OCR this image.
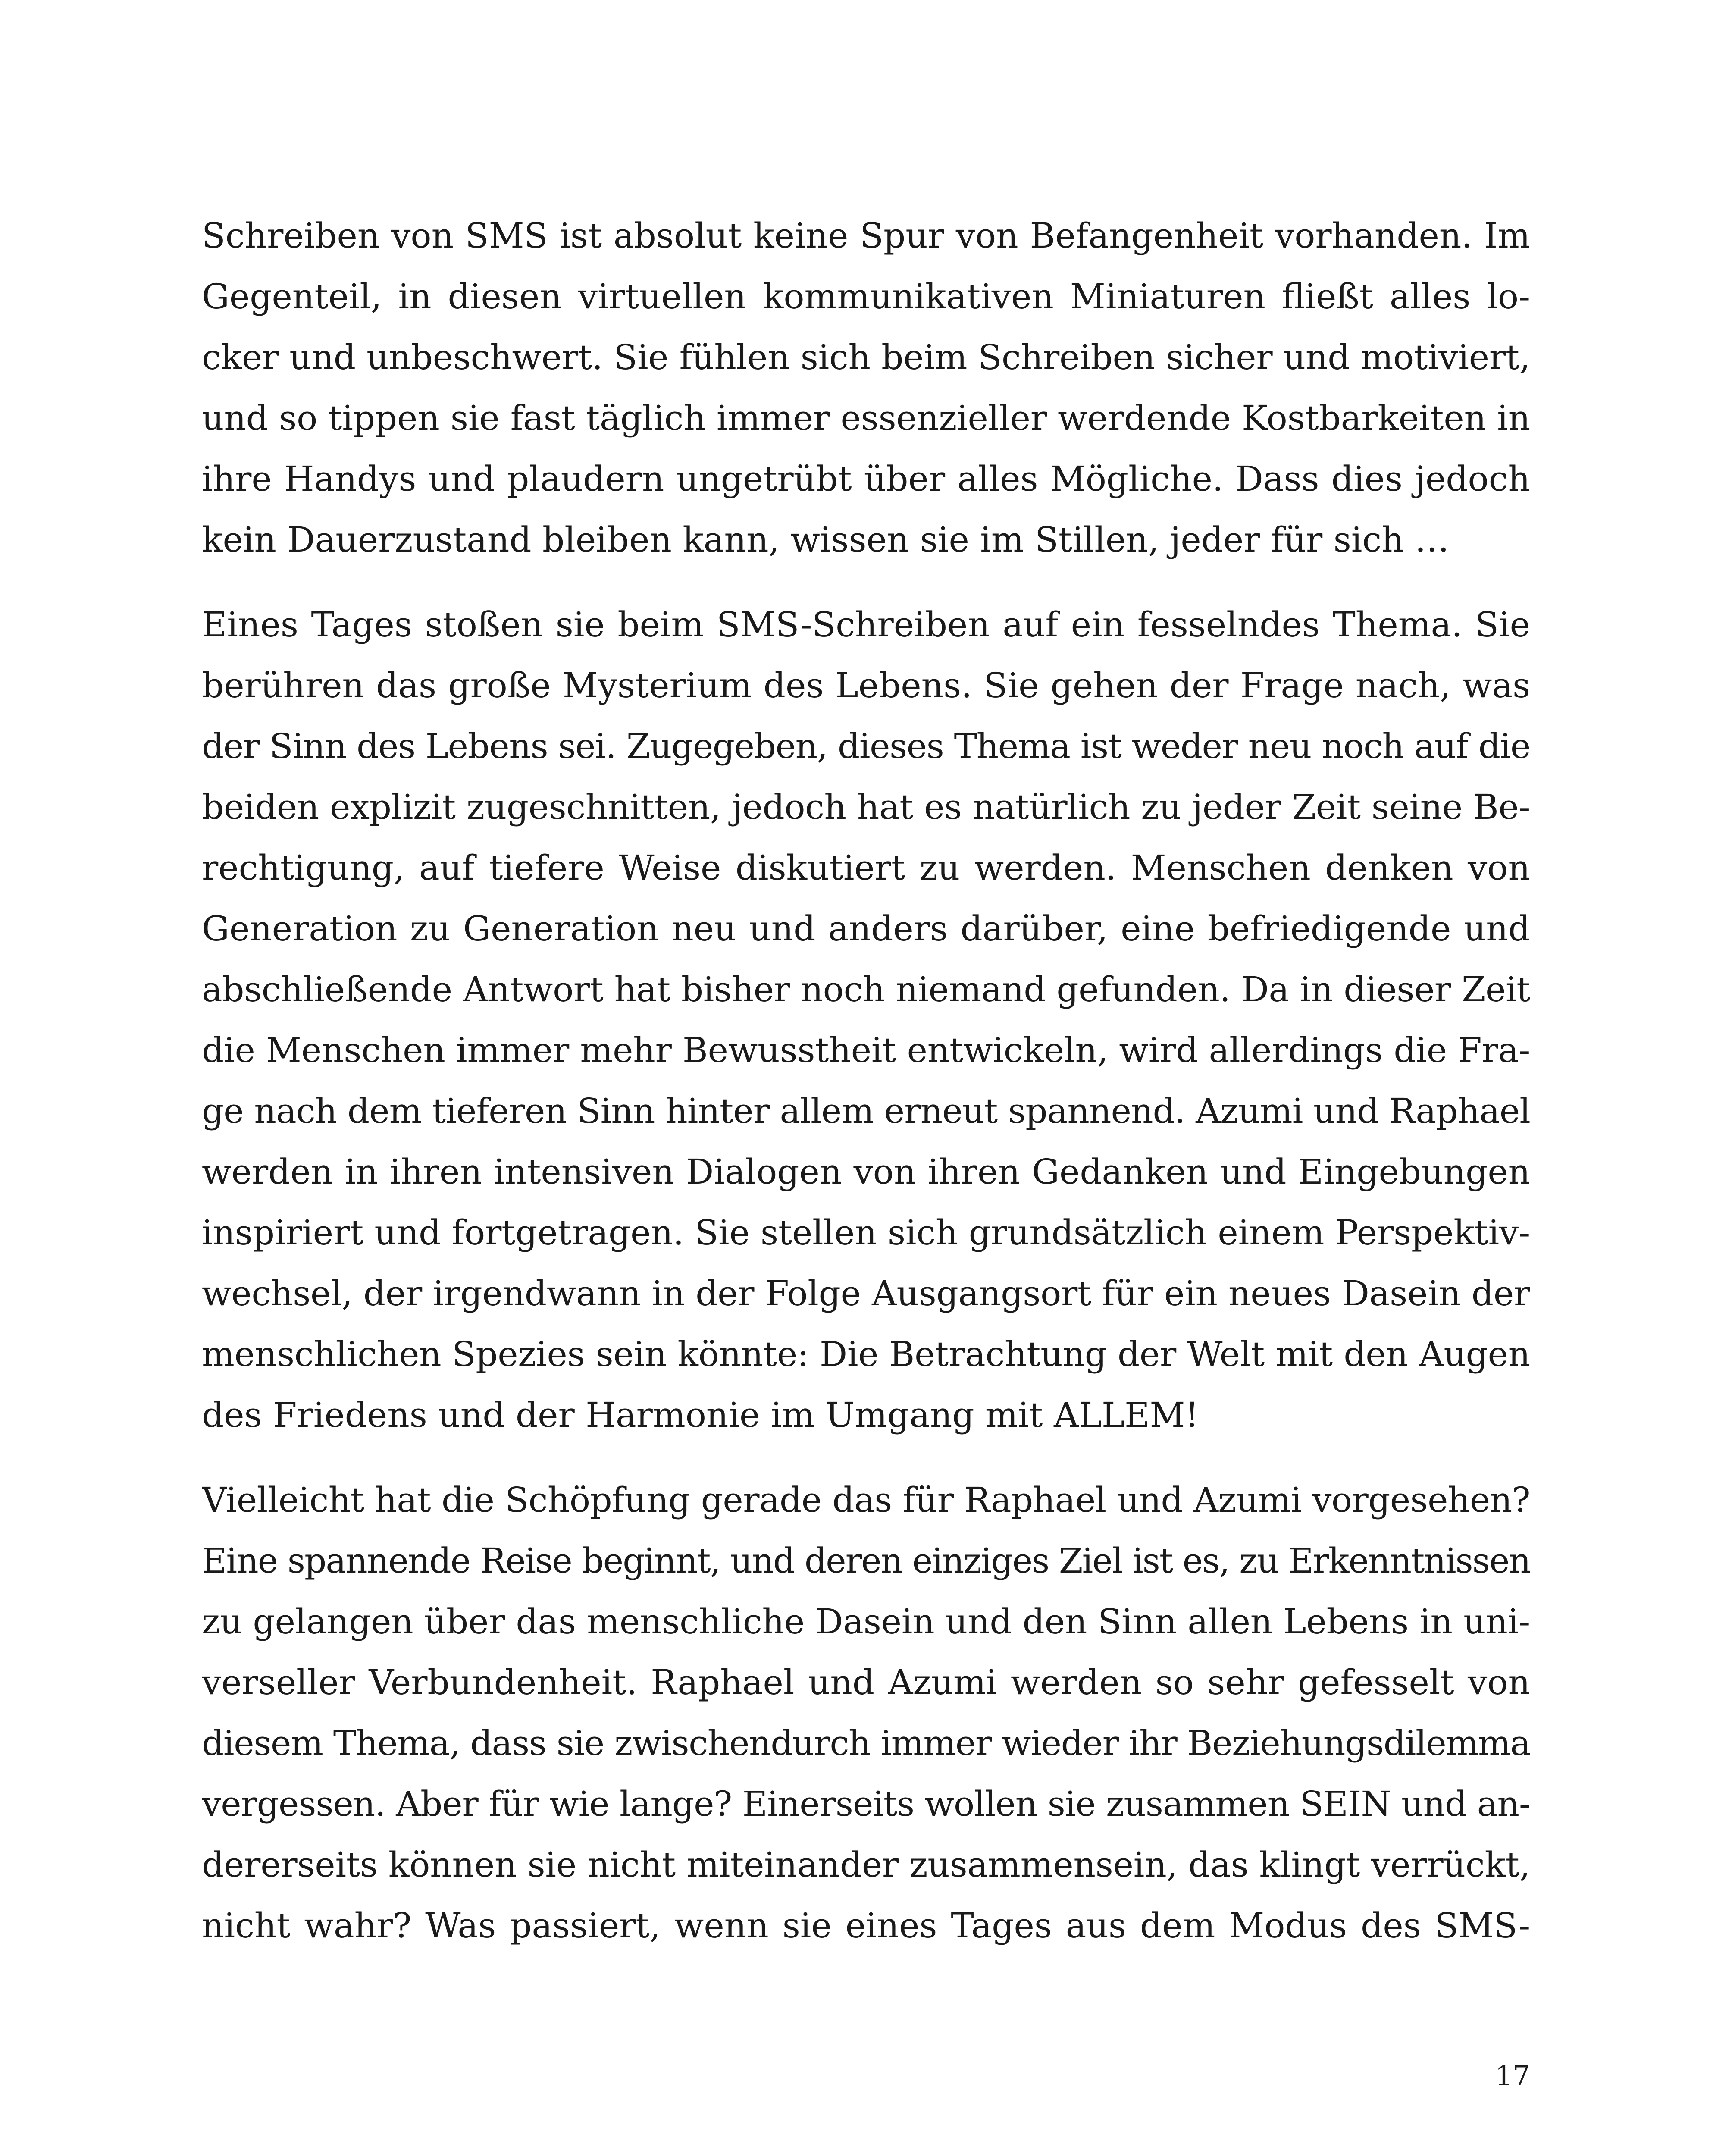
Schreiben von SMS ist absolut keine Spur von Befangenheit vorhanden. Im
Gegenteil, in diesen virtuellen kommunikativen Miniaturen fließt alles lo-
cker und unbeschwert. Sie fühlen sich beim Schreiben sicher und motiviert,
und so tippen sie fast täglich immer essenzieller werdende Kostbarkeiten in
ihre Handys und plaudern ungetrübt über alles Mögliche. Dass dies jedoch
kein Dauerzustand bleiben kann, wissen sie im Stillen, jeder für sich …

Eines Tages stoßen sie beim SMS-Schreiben auf ein fesselndes Thema. Sie
berühren das große Mysterium des Lebens. Sie gehen der Frage nach, was
der Sinn des Lebens sei. Zugegeben, dieses Thema ist weder neu noch auf die
beiden explizit zugeschnitten, jedoch hat es natürlich zu jeder Zeit seine Be-
rechtigung, auf tiefere Weise diskutiert zu werden. Menschen denken von
Generation zu Generation neu und anders darüber, eine befriedigende und
abschließende Antwort hat bisher noch niemand gefunden. Da in dieser Zeit
die Menschen immer mehr Bewusstheit entwickeln, wird allerdings die Fra-
ge nach dem tieferen Sinn hinter allem erneut spannend. Azumi und Raphael
werden in ihren intensiven Dialogen von ihren Gedanken und Eingebungen
inspiriert und fortgetragen. Sie stellen sich grundsätzlich einem Perspektiv-
wechsel, der irgendwann in der Folge Ausgangsort für ein neues Dasein der
menschlichen Spezies sein könnte: Die Betrachtung der Welt mit den Augen
des Friedens und der Harmonie im Umgang mit ALLEM!

Vielleicht hat die Schöpfung gerade das für Raphael und Azumi vorgesehen?
Eine spannende Reise beginnt, und deren einziges Ziel ist es, zu Erkenntnissen
zu gelangen über das menschliche Dasein und den Sinn allen Lebens in uni-
verseller Verbundenheit. Raphael und Azumi werden so sehr gefesselt von
diesem Thema, dass sie zwischendurch immer wieder ihr Beziehungsdilemma
vergessen. Aber für wie lange? Einerseits wollen sie zusammen SEIN und an-
dererseits können sie nicht miteinander zusammensein, das klingt verrückt,
nicht wahr? Was passiert, wenn sie eines Tages aus dem Modus des SMS-

17
